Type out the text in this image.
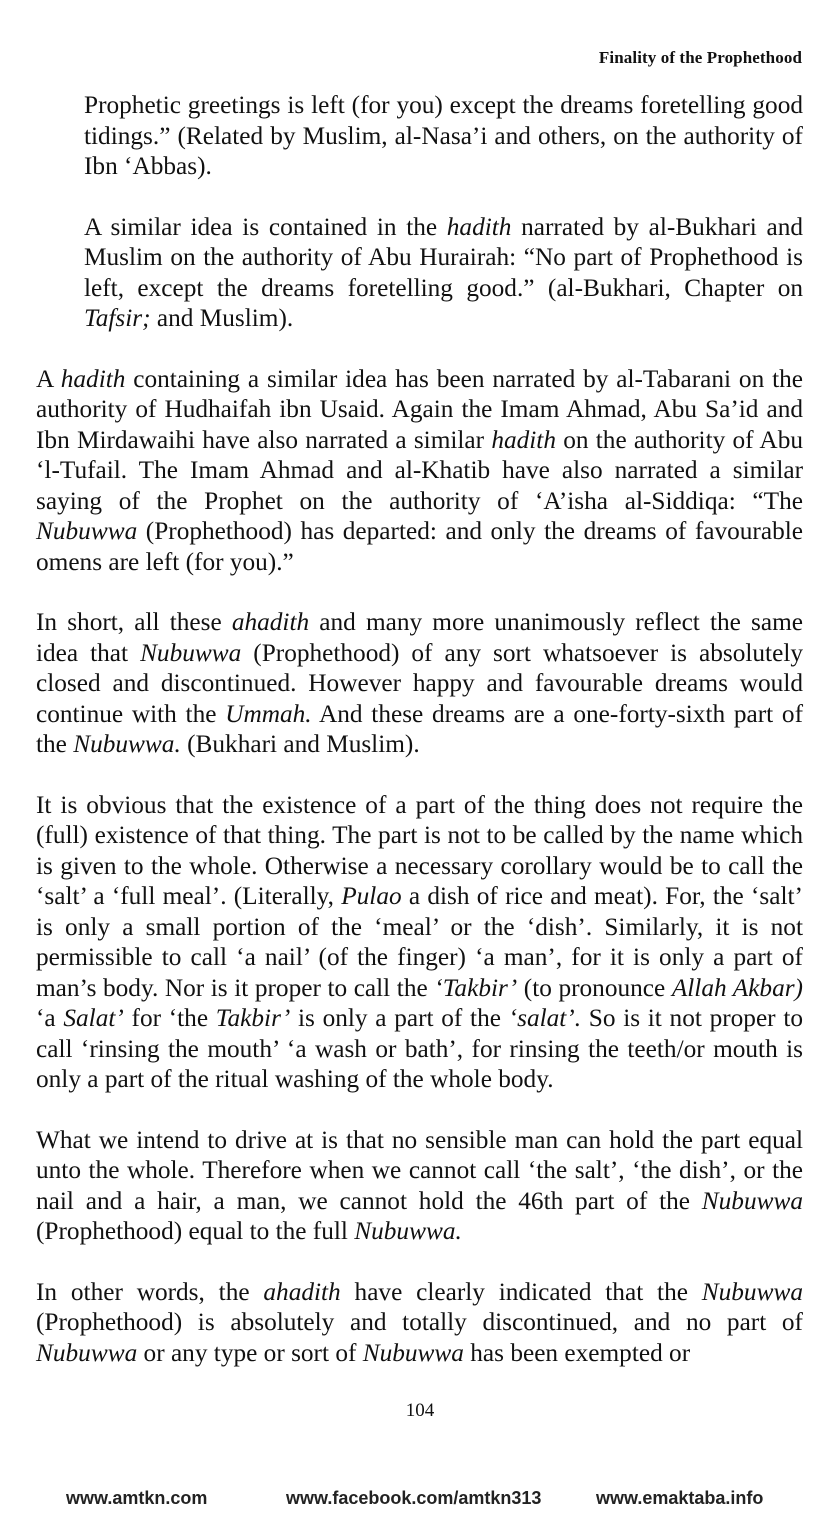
Finality of the Prophethood

Prophetic greetings is left (for you) except the dreams foretelling good tidings.” (Related by Muslim, al-Nasa’i and others, on the authority of Ibn ‘Abbas).

A similar idea is contained in the hadith narrated by al-Bukhari and Muslim on the authority of Abu Hurairah: “No part of Prophethood is left, except the dreams foretelling good.” (al-Bukhari, Chapter on Tafsir; and Muslim).

A hadith containing a similar idea has been narrated by al-Tabarani on the authority of Hudhaifah ibn Usaid. Again the Imam Ahmad, Abu Sa’id and Ibn Mirdawaihi have also narrated a similar hadith on the authority of Abu ‘l-Tufail. The Imam Ahmad and al-Khatib have also narrated a similar saying of the Prophet on the authority of ‘A’isha al-Siddiqa: “The Nubuwwa (Prophethood) has departed: and only the dreams of favourable omens are left (for you).”

In short, all these ahadith and many more unanimously reflect the same idea that Nubuwwa (Prophethood) of any sort whatsoever is absolutely closed and discontinued. However happy and favourable dreams would continue with the Ummah. And these dreams are a one-forty-sixth part of the Nubuwwa. (Bukhari and Muslim).

It is obvious that the existence of a part of the thing does not require the (full) existence of that thing. The part is not to be called by the name which is given to the whole. Otherwise a necessary corollary would be to call the ‘salt’ a ‘full meal’. (Literally, Pulao a dish of rice and meat). For, the ‘salt’ is only a small portion of the ‘meal’ or the ‘dish’. Similarly, it is not permissible to call ‘a nail’ (of the finger) ‘a man’, for it is only a part of man’s body. Nor is it proper to call the ‘Takbir’ (to pronounce Allah Akbar) ‘a Salat’ for ‘the Takbir’ is only a part of the ‘salat’. So is it not proper to call ‘rinsing the mouth’ ‘a wash or bath’, for rinsing the teeth/or mouth is only a part of the ritual washing of the whole body.

What we intend to drive at is that no sensible man can hold the part equal unto the whole. Therefore when we cannot call ‘the salt’, ‘the dish’, or the nail and a hair, a man, we cannot hold the 46th part of the Nubuwwa (Prophethood) equal to the full Nubuwwa.

In other words, the ahadith have clearly indicated that the Nubuwwa (Prophethood) is absolutely and totally discontinued, and no part of Nubuwwa or any type or sort of Nubuwwa has been exempted or

104
www.amtkn.com	www.facebook.com/amtkn313	www.emaktaba.info
